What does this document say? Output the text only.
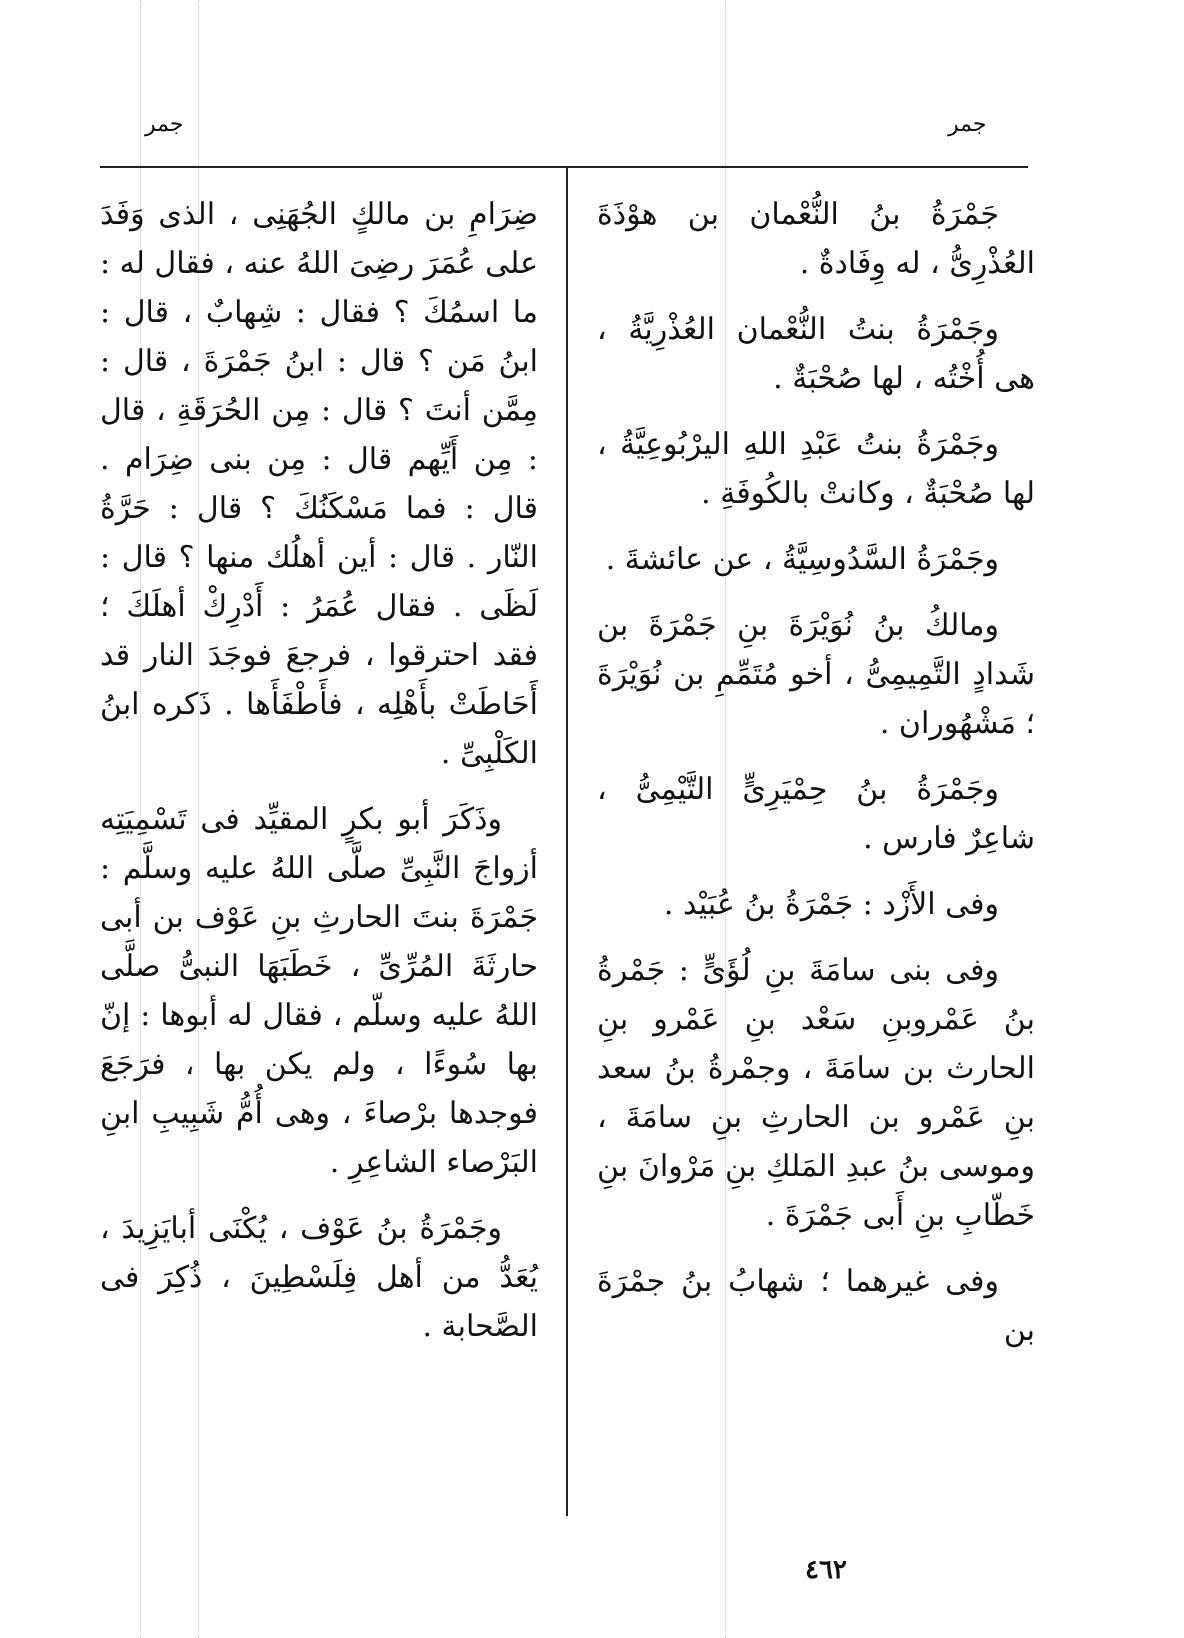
جمر
جمر

جَمْرَةُ بنُ النُّعْمان بن هوْذَةَ العُذْرِىُّ ، له وِفَادةٌ .

وجَمْرَةُ بنتُ النُّعْمان العُذْرِيَّةُ ، هى أُخْتُه ، لها صُحْبَةٌ .

وجَمْرَةُ بنتُ عَبْدِ اللهِ اليرْبُوعِيَّةُ ، لها صُحْبَةٌ ، وكانتْ بالكُوفَةِ .

وجَمْرَةُ السَّدُوسِيَّةُ ، عن عائشةَ .

ومالكُ بنُ نُوَيْرَةَ بنِ جَمْرَةَ بن شَدادٍ التَّمِيمِىُّ ، أخو مُتَمِّمِ بن نُوَيْرَةَ ؛ مَشْهُوران .

وجَمْرَةُ بنُ حِمْيَرِىٍّ التَّيْمِىُّ ، شاعِرٌ فارس .

وفى الأَزْد : جَمْرَةُ بنُ عُبَيْد .

وفى بنى سامَةَ بنِ لُؤَىٍّ : جَمْرةُ بنُ عَمْروبنِ سَعْد بنِ عَمْرو بنِ الحارث بن سامَةَ ، وجمْرةُ بنُ سعد بنِ عَمْرو بن الحارثِ بنِ سامَةَ ، وموسى بنُ عبدِ المَلكِ بنِ مَرْوانَ بنِ خَطّابِ بنِ أَبى جَمْرَةَ .

وفى غيرهما ؛ شهابُ بنُ جمْرَةَ بن

ضِرَامِ بن مالكٍ الجُهَنِى ، الذى وَفَدَ على عُمَرَ رضِىَ اللهُ عنه ، فقال له : ما اسمُكَ ؟ فقال : شِهابٌ ، قال : ابنُ مَن ؟ قال : ابنُ جَمْرَةَ ، قال : مِمَّن أنتَ ؟ قال : مِن الحُرَقَةِ ، قال : مِن أَيِّهم قال : مِن بنى ضِرَام . قال : فما مَسْكَنُكَ ؟ قال : حَرَّةُ النّار . قال : أين أهلُك منها ؟ قال : لَظَى . فقال عُمَرُ : أَدْرِكْ أهلَكَ ؛ فقد احترقوا ، فرجعَ فوجَدَ النار قد أَحَاطَتْ بأَهْلِه ، فأَطْفَأَها . ذَكره ابنُ الكَلْبِىِّ .

وذَكَرَ أبو بكرٍ المقيِّد فى تَسْمِيَتِه أزواجَ النَّبِىِّ صلَّى اللهُ عليه وسلَّم : جَمْرَةَ بنتَ الحارثِ بنِ عَوْف بن أبى حارثَةَ المُرِّىِّ ، خَطَبَهَا النبىُّ صلَّى اللهُ عليه وسلّم ، فقال له أبوها : إنّ بها سُوءًا ، ولم يكن بها ، فرَجَعَ فوجدها برْصاءَ ، وهى أُمُّ شَبِيبِ ابنِ البَرْصاء الشاعِرِ .

وجَمْرَةُ بنُ عَوْف ، يُكْنَى أبايَزِيدَ ، يُعَدُّ من أهل فِلَسْطِينَ ، ذُكِرَ فى الصَّحابة .

٤٦٢
